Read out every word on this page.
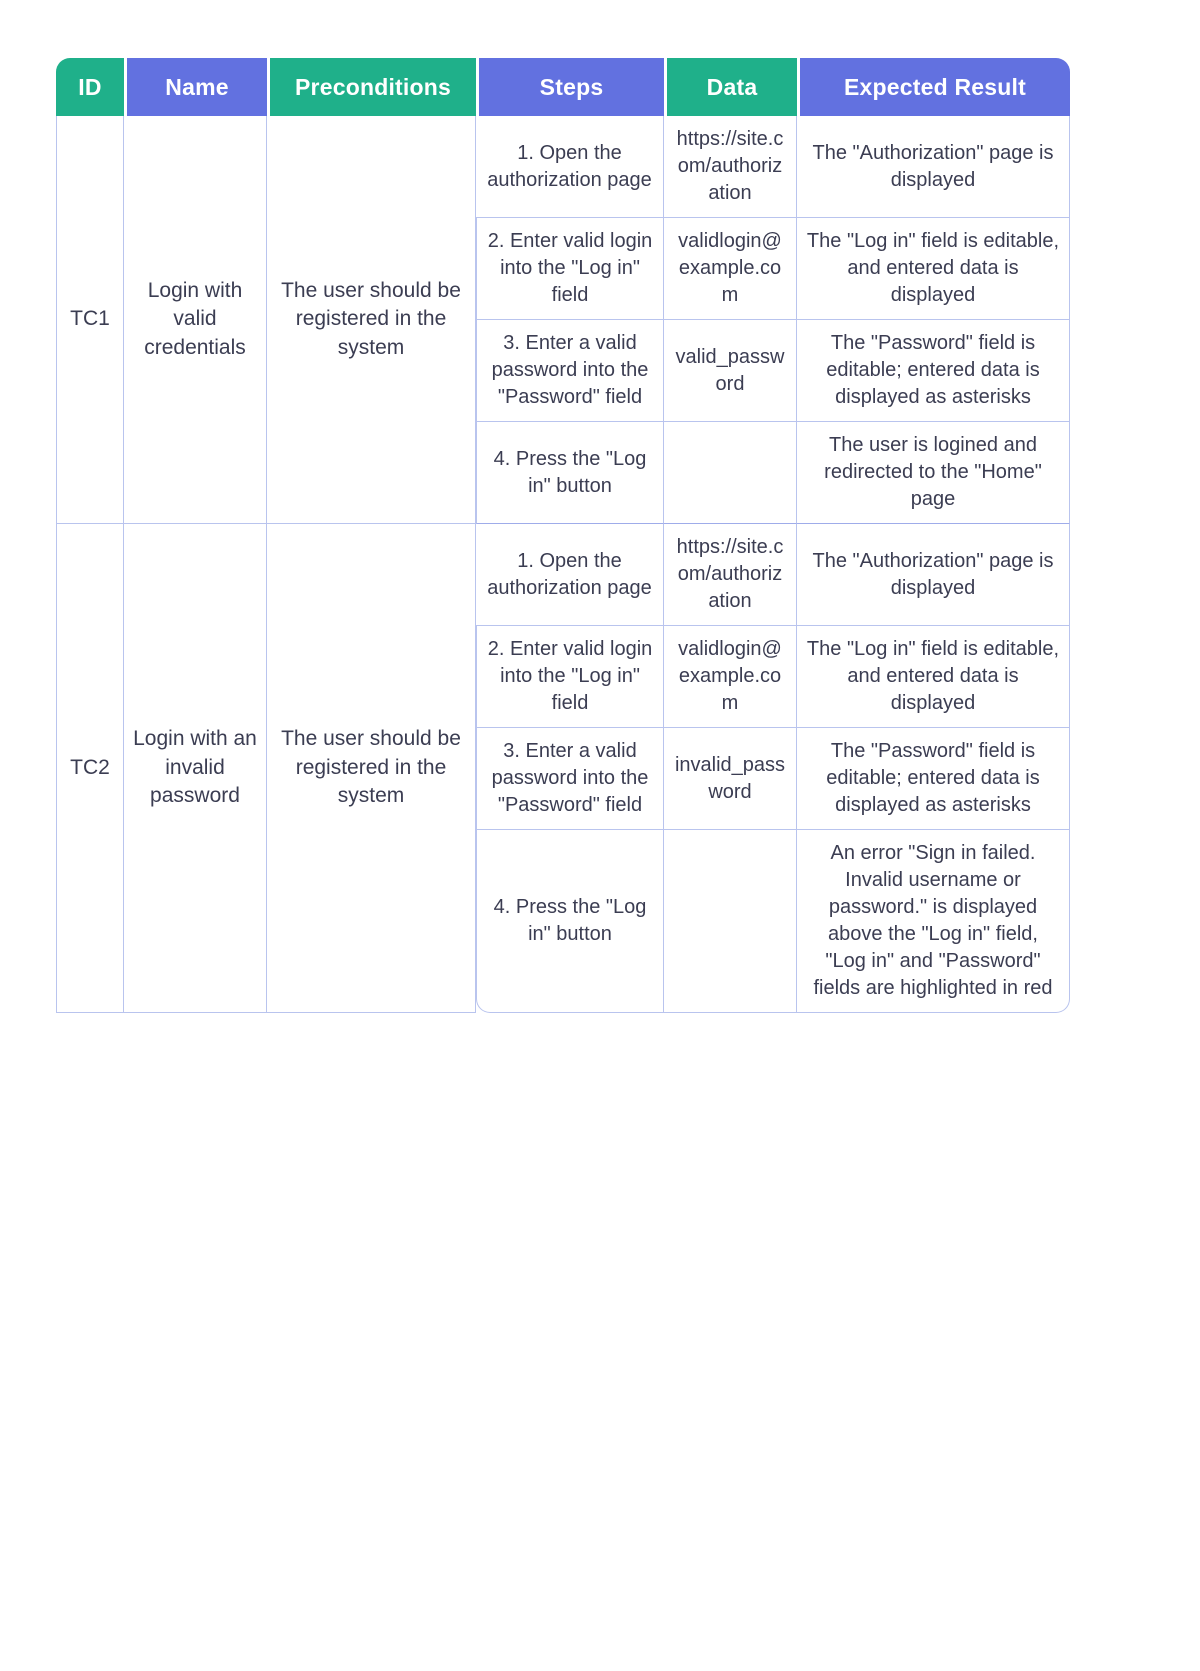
ID	Name	Preconditions	Steps	Data	Expected Result
TC1	Login with valid credentials	The user should be registered in the system	1. Open the authorization page	https://site.com/authorization	The "Authorization" page is displayed
			2. Enter valid login into the "Log in" field	validlogin@example.com	The "Log in" field is editable, and entered data is displayed
			3. Enter a valid password into the "Password" field	valid_password	The "Password" field is editable; entered data is displayed as asterisks
			4. Press the "Log in" button		The user is logined and redirected to the "Home" page
TC2	Login with an invalid password	The user should be registered in the system	1. Open the authorization page	https://site.com/authorization	The "Authorization" page is displayed
			2. Enter valid login into the "Log in" field	validlogin@example.com	The "Log in" field is editable, and entered data is displayed
			3. Enter a valid password into the "Password" field	invalid_password	The "Password" field is editable; entered data is displayed as asterisks
			4. Press the "Log in" button		An error "Sign in failed. Invalid username or password." is displayed above the "Log in" field, "Log in" and "Password" fields are highlighted in red
